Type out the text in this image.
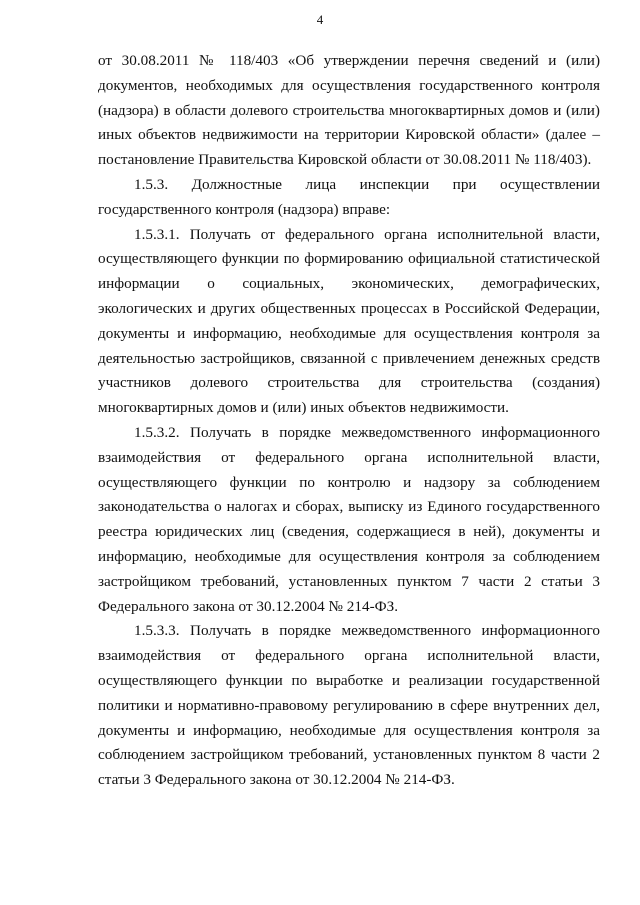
4

от 30.08.2011 № 118/403 «Об утверждении перечня сведений и (или) документов, необходимых для осуществления государственного контроля (надзора) в области долевого строительства многоквартирных домов и (или) иных объектов недвижимости на территории Кировской области» (далее – постановление Правительства Кировской области от 30.08.2011 № 118/403).

1.5.3. Должностные лица инспекции при осуществлении государственного контроля (надзора) вправе:

1.5.3.1. Получать от федерального органа исполнительной власти, осуществляющего функции по формированию официальной статистической информации о социальных, экономических, демографических, экологических и других общественных процессах в Российской Федерации, документы и информацию, необходимые для осуществления контроля за деятельностью застройщиков, связанной с привлечением денежных средств участников долевого строительства для строительства (создания) многоквартирных домов и (или) иных объектов недвижимости.

1.5.3.2. Получать в порядке межведомственного информационного взаимодействия от федерального органа исполнительной власти, осуществляющего функции по контролю и надзору за соблюдением законодательства о налогах и сборах, выписку из Единого государственного реестра юридических лиц (сведения, содержащиеся в ней), документы и информацию, необходимые для осуществления контроля за соблюдением застройщиком требований, установленных пунктом 7 части 2 статьи 3 Федерального закона от 30.12.2004 № 214-ФЗ.

1.5.3.3. Получать в порядке межведомственного информационного взаимодействия от федерального органа исполнительной власти, осуществляющего функции по выработке и реализации государственной политики и нормативно-правовому регулированию в сфере внутренних дел, документы и информацию, необходимые для осуществления контроля за соблюдением застройщиком требований, установленных пунктом 8 части 2 статьи 3 Федерального закона от 30.12.2004 № 214-ФЗ.
